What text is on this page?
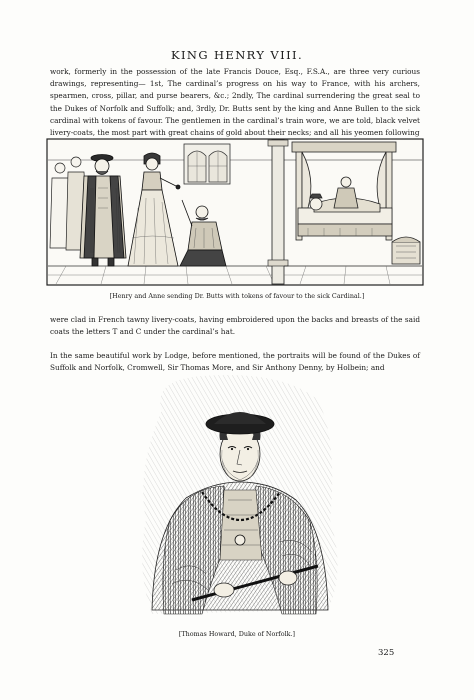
KING HENRY VIII.

work, formerly in the possession of the late Francis Douce, Esq., F.S.A., are three very curious drawings, representing— 1st, The cardinal’s progress on his way to France, with his archers, spearmen, cross, pillar, and purse bearers, &c.; 2ndly, The cardinal surrendering the great seal to the Dukes of Norfolk and Suffolk; and, 3rdly, Dr. Butts sent by the king and Anne Bullen to the sick cardinal with tokens of favour. The gentlemen in the cardinal’s train wore, we are told, black velvet livery-coats, the most part with great chains of gold about their necks; and all his yeomen following

[Henry and Anne sending Dr. Butts with tokens of favour to the sick Cardinal.]

were clad in French tawny livery-coats, having embroidered upon the backs and breasts of the said coats the letters T and C under the cardinal’s hat.

In the same beautiful work by Lodge, before mentioned, the portraits will be found of the Dukes of Suffolk and Norfolk, Cromwell, Sir Thomas More, and Sir Anthony Denny, by Holbein; and

[Thomas Howard, Duke of Norfolk.]
325
